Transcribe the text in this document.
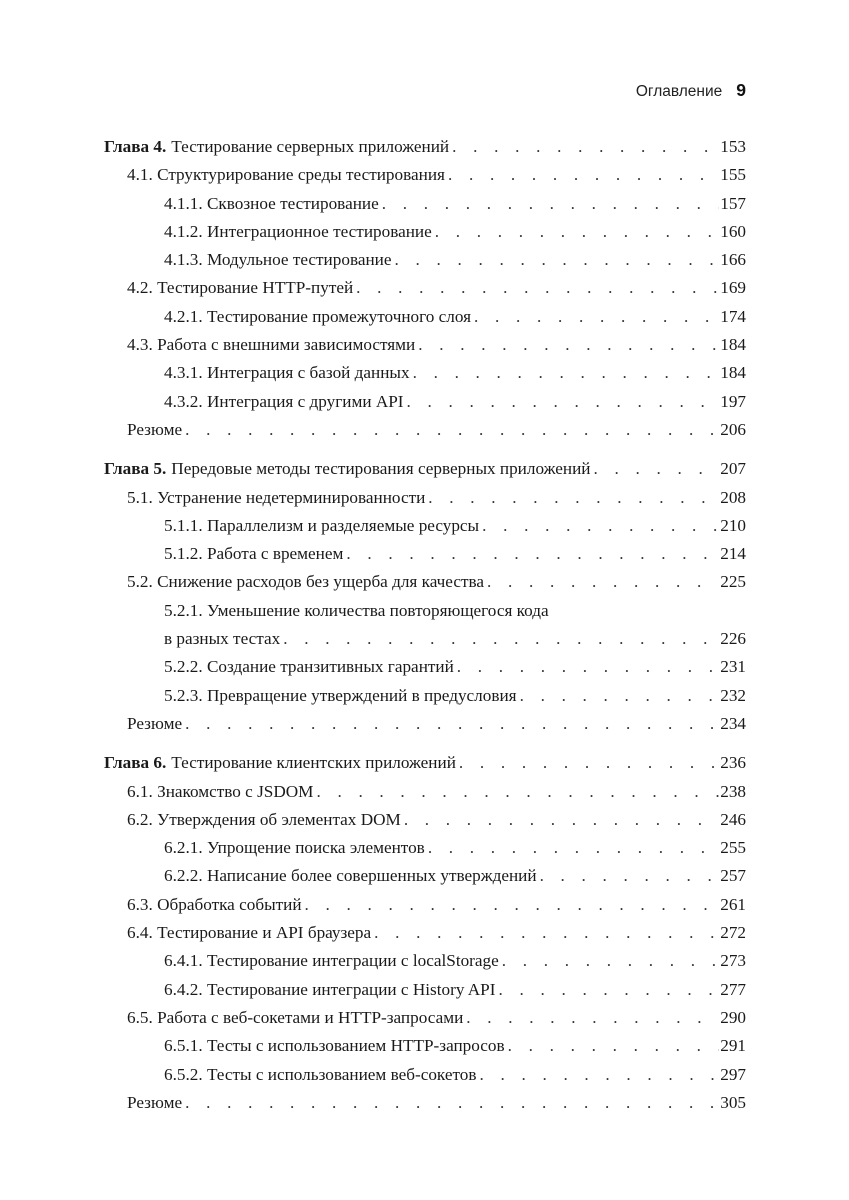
Оглавление 9
Глава 4. Тестирование серверных приложений . . .	153
4.1. Структурирование среды тестирования . . .	155
4.1.1. Сквозное тестирование . . .	157
4.1.2. Интеграционное тестирование . . .	160
4.1.3. Модульное тестирование . . .	166
4.2. Тестирование HTTP-путей . . .	169
4.2.1. Тестирование промежуточного слоя . . .	174
4.3. Работа с внешними зависимостями . . .	184
4.3.1. Интеграция с базой данных . . .	184
4.3.2. Интеграция с другими API . . .	197
Резюме . . .	206
Глава 5. Передовые методы тестирования серверных приложений . . .	207
5.1. Устранение недетерминированности . . .	208
5.1.1. Параллелизм и разделяемые ресурсы . . .	210
5.1.2. Работа с временем . . .	214
5.2. Снижение расходов без ущерба для качества . . .	225
5.2.1. Уменьшение количества повторяющегося кода
в разных тестах . . .	226
5.2.2. Создание транзитивных гарантий . . .	231
5.2.3. Превращение утверждений в предусловия . . .	232
Резюме . . .	234
Глава 6. Тестирование клиентских приложений . . .	236
6.1. Знакомство с JSDOM . . .	238
6.2. Утверждения об элементах DOM . . .	246
6.2.1. Упрощение поиска элементов . . .	255
6.2.2. Написание более совершенных утверждений . . .	257
6.3. Обработка событий . . .	261
6.4. Тестирование и API браузера . . .	272
6.4.1. Тестирование интеграции с localStorage . . .	273
6.4.2. Тестирование интеграции с History API . . .	277
6.5. Работа с веб-сокетами и HTTP-запросами . . .	290
6.5.1. Тесты с использованием HTTP-запросов . . .	291
6.5.2. Тесты с использованием веб-сокетов . . .	297
Резюме . . .	305
